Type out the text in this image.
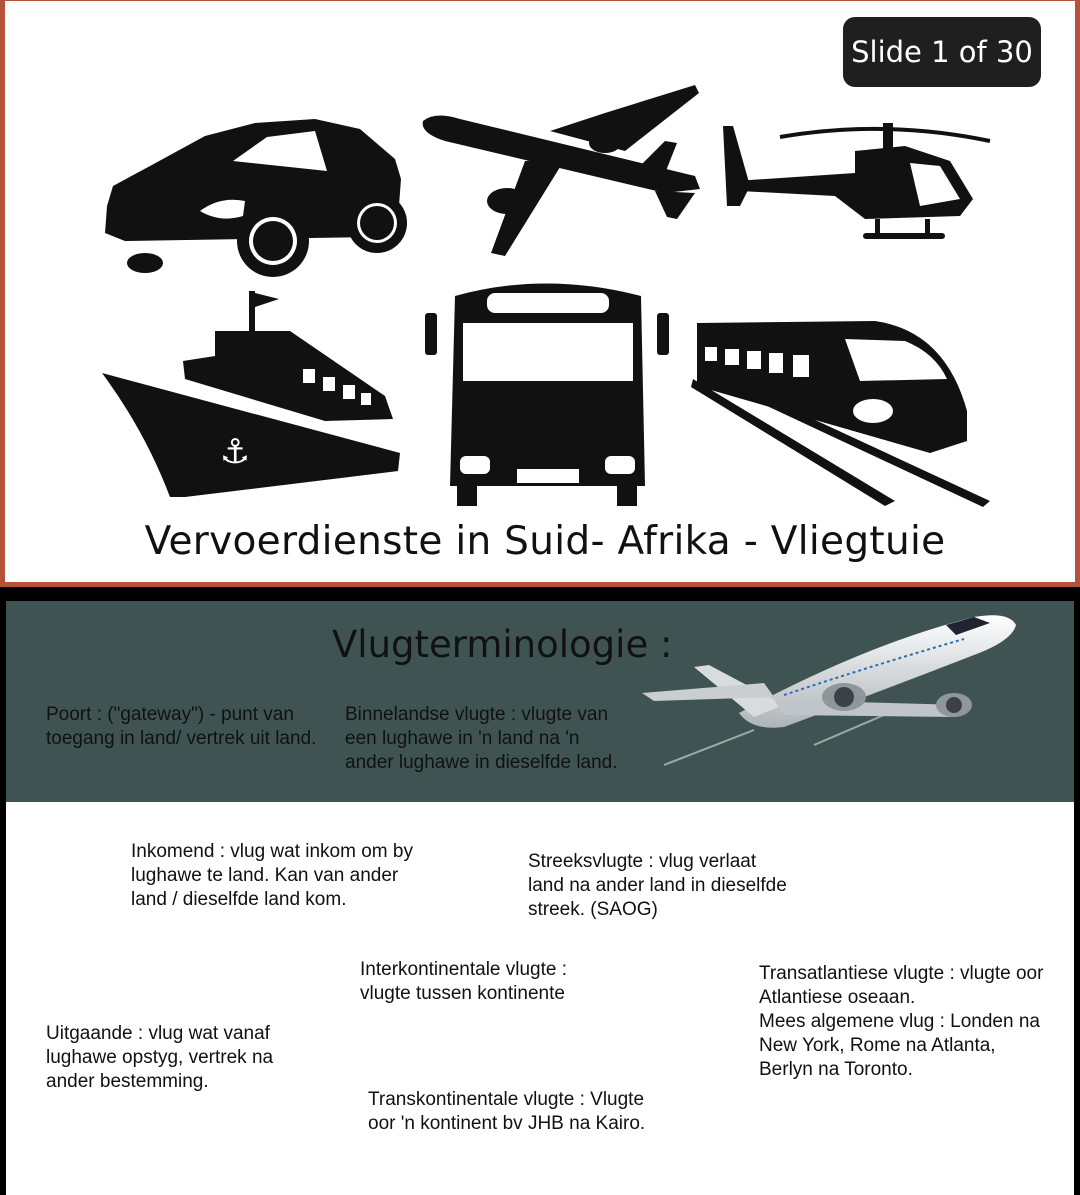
⚓
Vervoerdienste in Suid- Afrika - Vliegtuie
Slide 1 of 30
Vlugterminologie :
Poort : ("gateway") - punt van toegang in land/ vertrek uit land.
Binnelandse vlugte : vlugte van een lughawe in 'n land na 'n ander lughawe in dieselfde land.
Inkomend : vlug wat inkom om by lughawe te land. Kan van ander land / dieselfde land kom.
Streeksvlugte : vlug verlaat land na ander land in dieselfde streek. (SAOG)
Interkontinentale vlugte : vlugte tussen kontinente
Transatlantiese vlugte : vlugte oor Atlantiese oseaan.
Mees algemene vlug : Londen na New York, Rome na Atlanta, Berlyn na Toronto.
Uitgaande : vlug wat vanaf lughawe opstyg, vertrek na ander bestemming.
Transkontinentale vlugte : Vlugte oor 'n kontinent bv JHB na Kairo.
